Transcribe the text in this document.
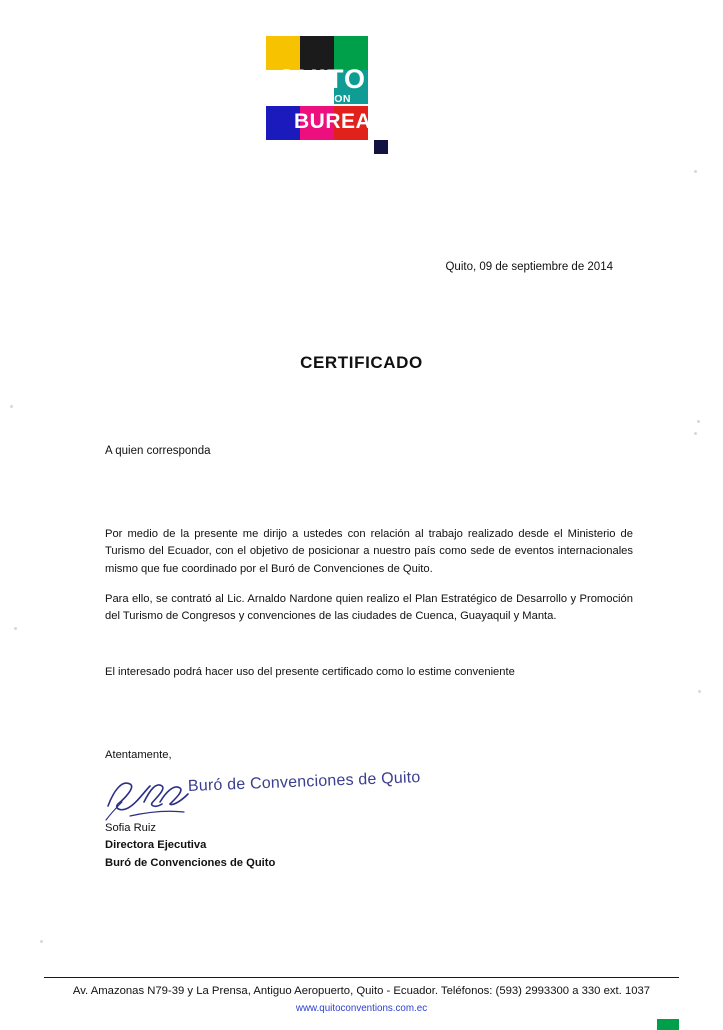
QUITO
CONVENTION
BUREAU
Quito, 09 de septiembre de 2014
CERTIFICADO
A quien corresponda

Por medio de la presente me dirijo a ustedes con relación al trabajo realizado desde el Ministerio de Turismo del Ecuador, con el objetivo de posicionar a nuestro país como sede de eventos internacionales mismo que fue coordinado por el Buró de Convenciones de Quito.

Para ello, se contrató al Lic. Arnaldo Nardone quien realizo el Plan Estratégico de Desarrollo y Promoción del Turismo de Congresos y convenciones de las ciudades de Cuenca, Guayaquil y Manta.

El interesado podrá hacer uso del presente certificado como lo estime conveniente
Atentamente,
Buró de Convenciones de Quito
Sofia Ruiz
Directora Ejecutiva
Buró de Convenciones de Quito
Av. Amazonas N79-39 y La Prensa, Antiguo Aeropuerto, Quito - Ecuador. Teléfonos: (593) 2993300 a 330 ext. 1037
www.quitoconventions.com.ec
